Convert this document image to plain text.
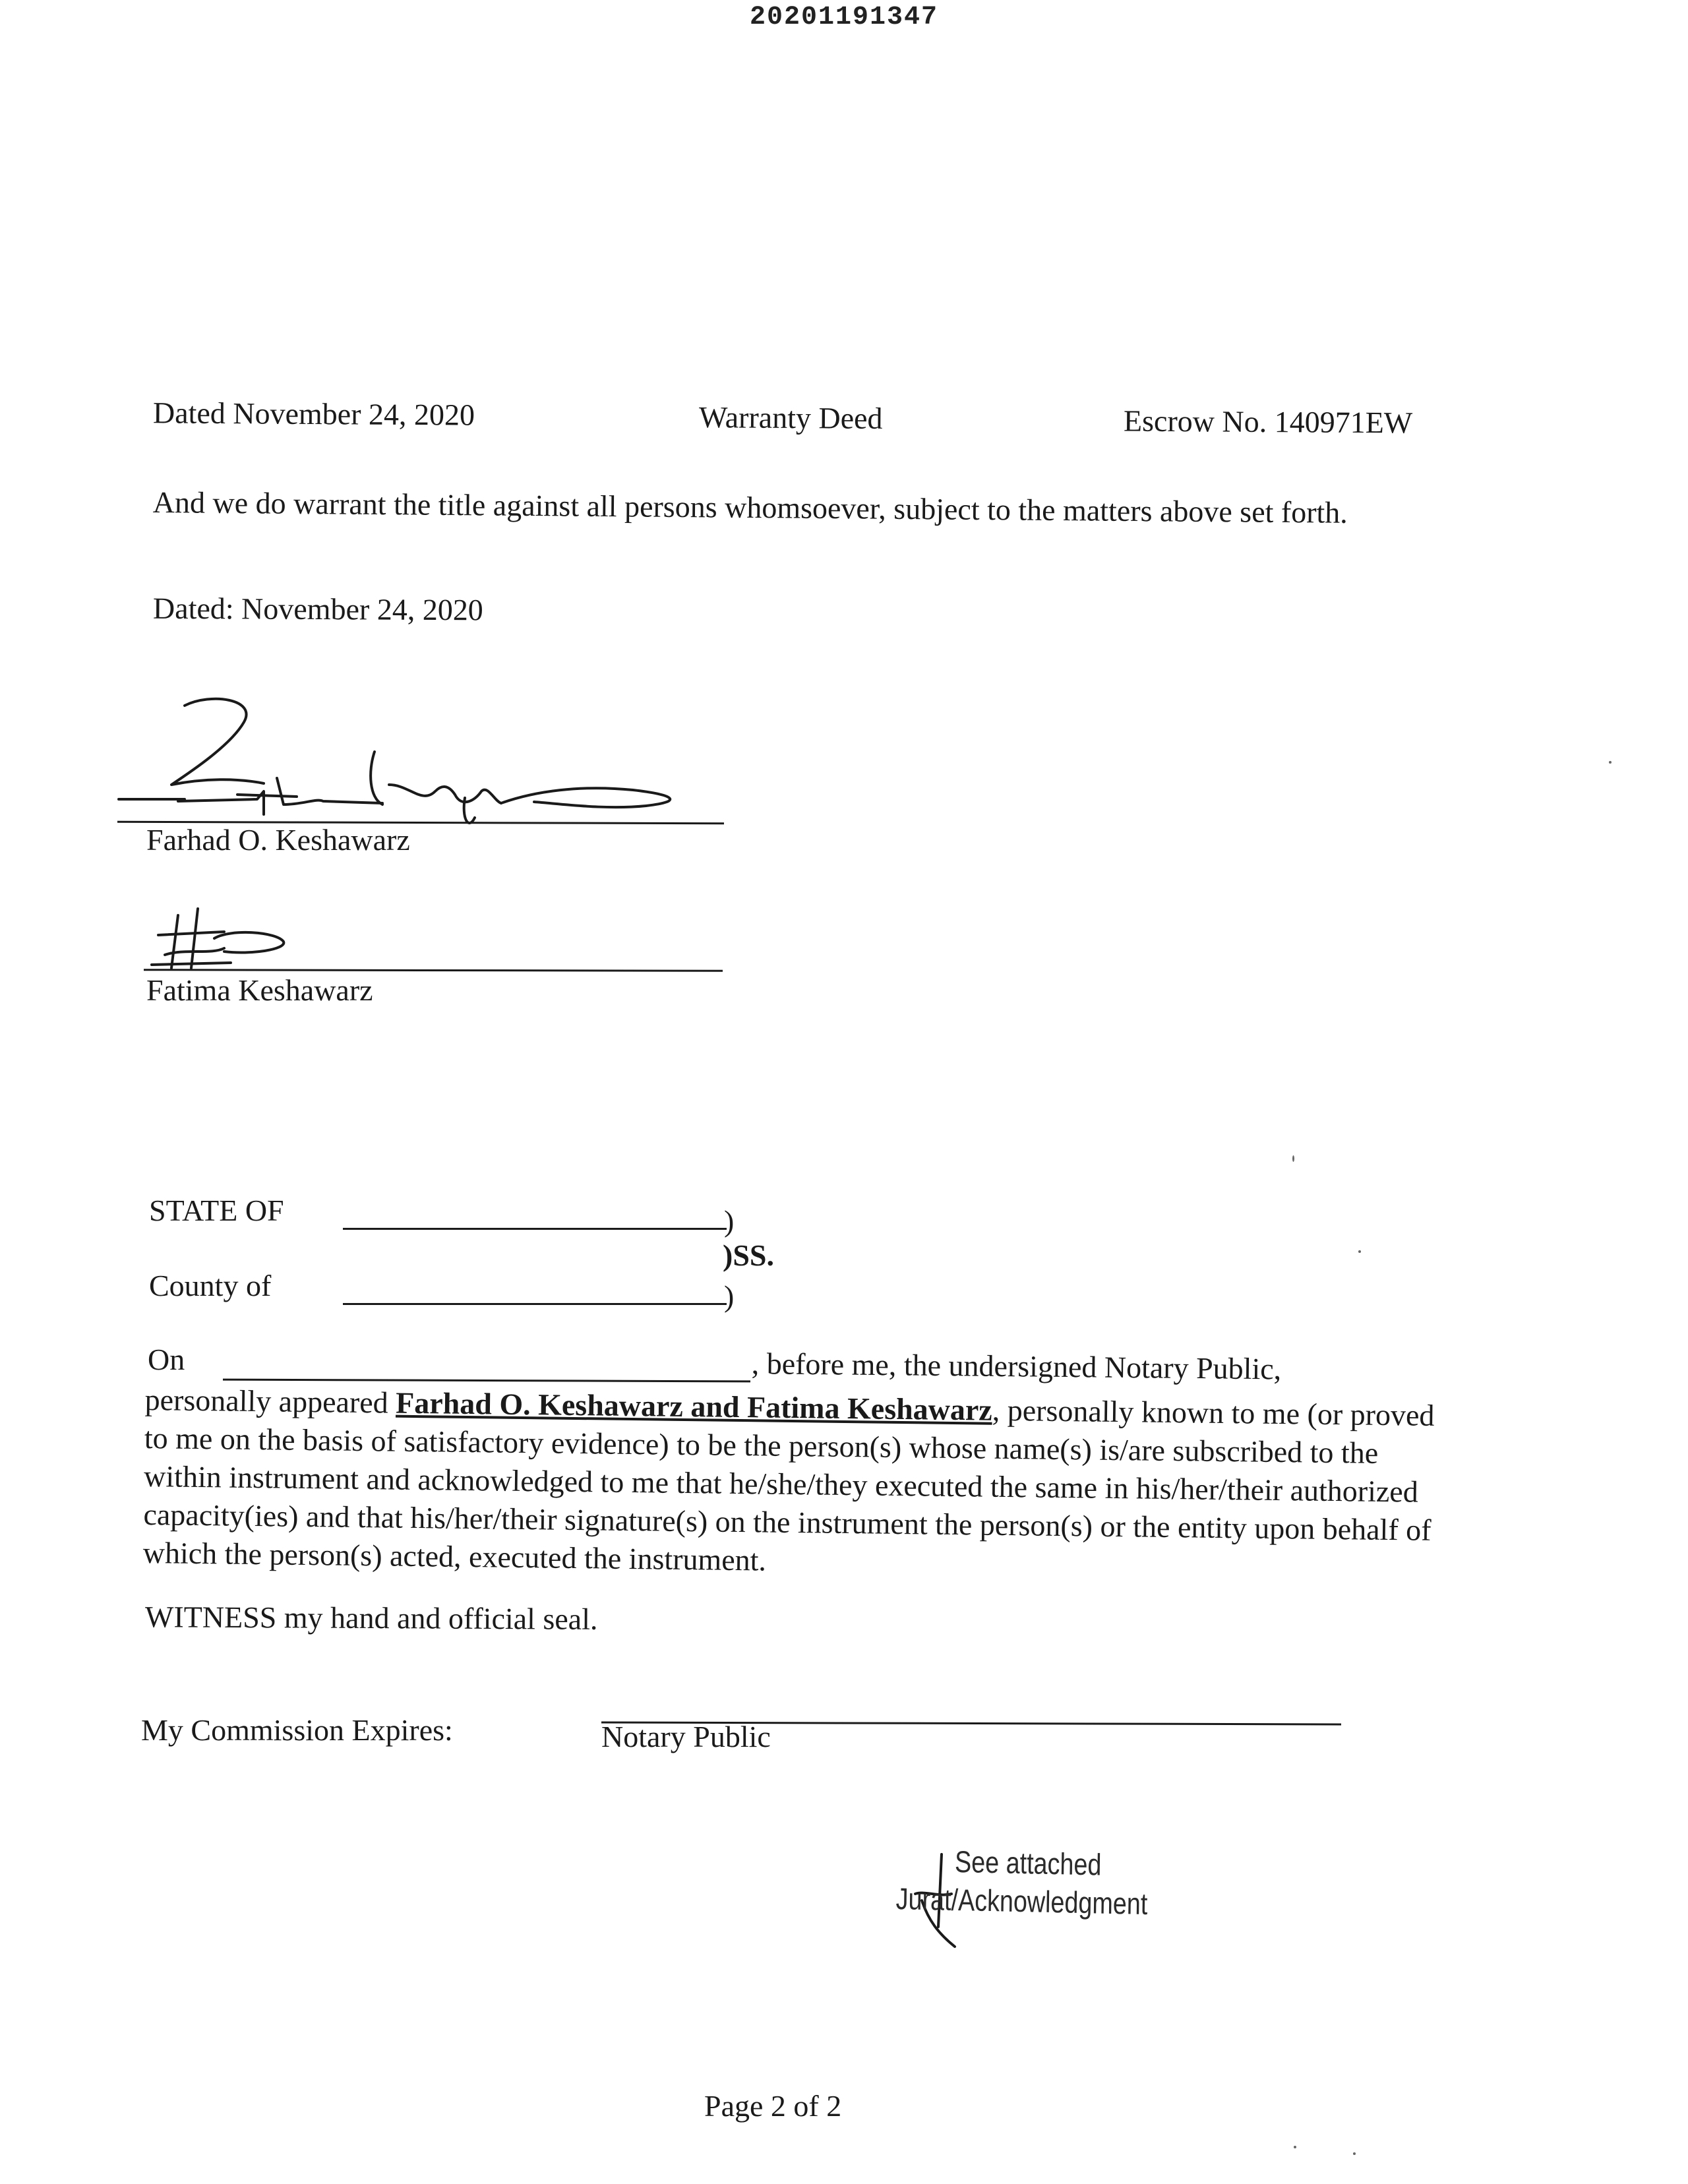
20201191347
Dated November 24, 2020	Warranty Deed	Escrow No. 140971EW
And we do warrant the title against all persons whomsoever, subject to the matters above set forth.
Dated: November 24, 2020
Farhad O. Keshawarz
Fatima Keshawarz
STATE OF	)
)SS.
County of	)
On	, before me, the undersigned Notary Public,
personally appeared Farhad O. Keshawarz and Fatima Keshawarz, personally known to me (or proved to me on the basis of satisfactory evidence) to be the person(s) whose name(s) is/are subscribed to the within instrument and acknowledged to me that he/she/they executed the same in his/her/their authorized capacity(ies) and that his/her/their signature(s) on the instrument the person(s) or the entity upon behalf of which the person(s) acted, executed the instrument.
WITNESS my hand and official seal.
My Commission Expires:	Notary Public
See attached
Jurat/Acknowledgment
Page 2 of 2
